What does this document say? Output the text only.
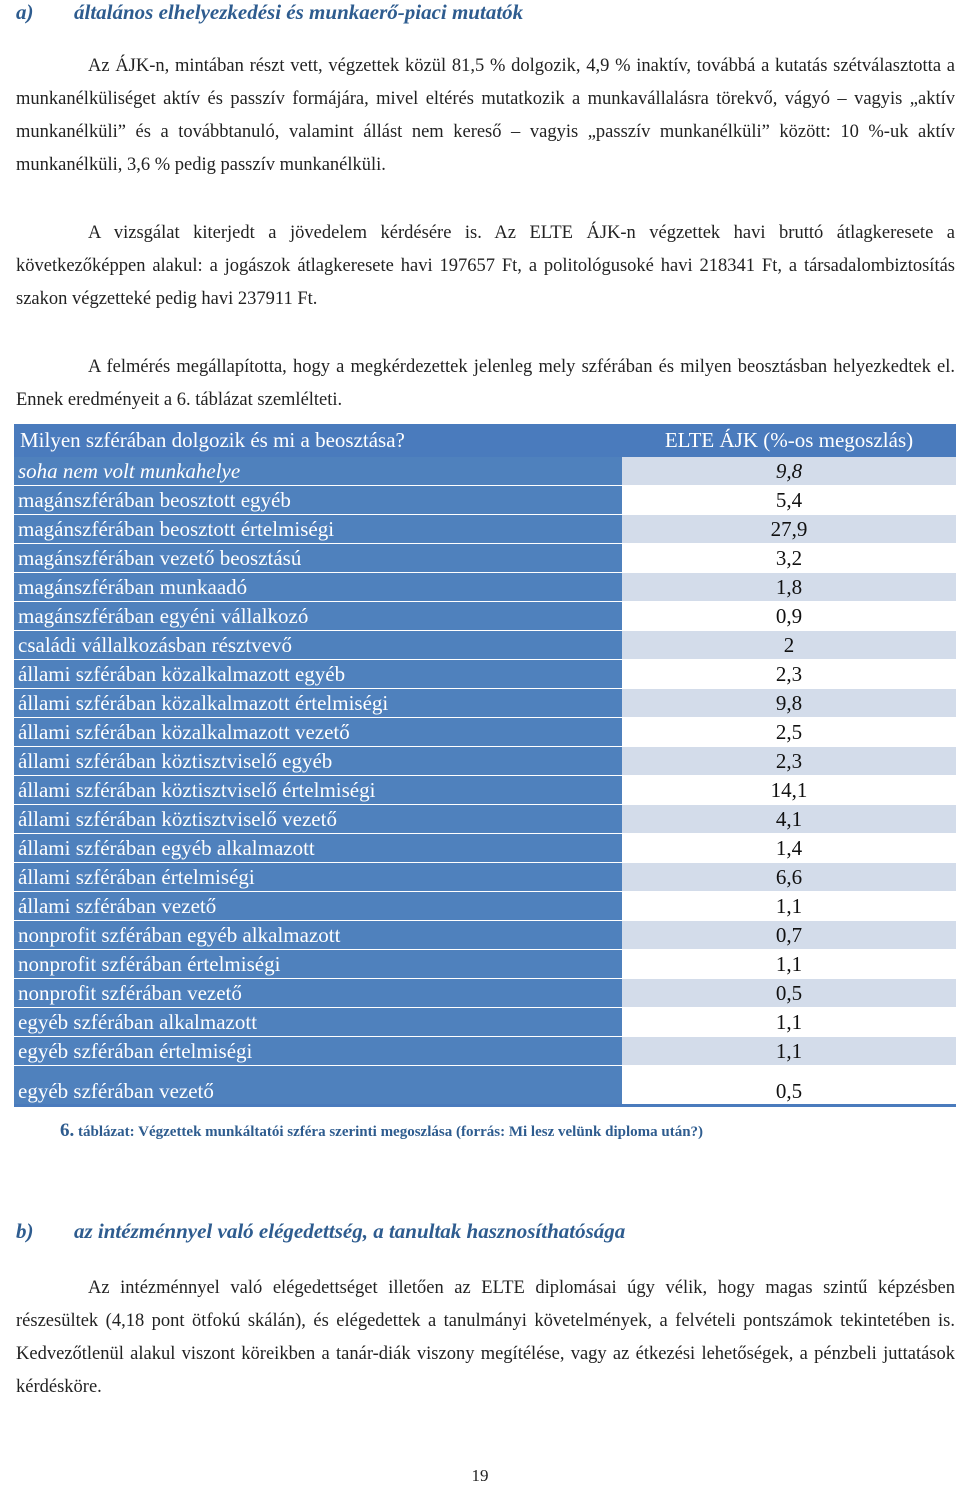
a) általános elhelyezkedési és munkaerő-piaci mutatók
Az ÁJK-n, mintában részt vett, végzettek közül 81,5 % dolgozik, 4,9 % inaktív, továbbá a kutatás szétválasztotta a munkanélküliséget aktív és passzív formájára, mivel eltérés mutatkozik a munkavállalásra törekvő, vágyó – vagyis „aktív munkanélküli” és a továbbtanuló, valamint állást nem kereső – vagyis „passzív munkanélküli” között: 10 %-uk aktív munkanélküli, 3,6 % pedig passzív munkanélküli.
A vizsgálat kiterjedt a jövedelem kérdésére is. Az ELTE ÁJK-n végzettek havi bruttó átlagkeresete a következőképpen alakul: a jogászok átlagkeresete havi 197657 Ft, a politológusoké havi 218341 Ft, a társadalombiztosítás szakon végzetteké pedig havi 237911 Ft.
A felmérés megállapította, hogy a megkérdezettek jelenleg mely szférában és milyen beosztásban helyezkedtek el. Ennek eredményeit a 6. táblázat szemlélteti.
Milyen szférában dolgozik és mi a beosztása?	ELTE ÁJK (%-os megoszlás)
soha nem volt munkahelye	9,8
magánszférában beosztott egyéb	5,4
magánszférában beosztott értelmiségi	27,9
magánszférában vezető beosztású	3,2
magánszférában munkaadó	1,8
magánszférában egyéni vállalkozó	0,9
családi vállalkozásban résztvevő	2
állami szférában közalkalmazott egyéb	2,3
állami szférában közalkalmazott értelmiségi	9,8
állami szférában közalkalmazott vezető	2,5
állami szférában köztisztviselő egyéb	2,3
állami szférában köztisztviselő értelmiségi	14,1
állami szférában köztisztviselő vezető	4,1
állami szférában egyéb alkalmazott	1,4
állami szférában értelmiségi	6,6
állami szférában vezető	1,1
nonprofit szférában egyéb alkalmazott	0,7
nonprofit szférában értelmiségi	1,1
nonprofit szférában vezető	0,5
egyéb szférában alkalmazott	1,1
egyéb szférában értelmiségi	1,1
egyéb szférában vezető	0,5
6. táblázat: Végzettek munkáltatói szféra szerinti megoszlása (forrás: Mi lesz velünk diploma után?)
b) az intézménnyel való elégedettség, a tanultak hasznosíthatósága
Az intézménnyel való elégedettséget illetően az ELTE diplomásai úgy vélik, hogy magas szintű képzésben részesültek (4,18 pont ötfokú skálán), és elégedettek a tanulmányi követelmények, a felvételi pontszámok tekintetében is. Kedvezőtlenül alakul viszont köreikben a tanár-diák viszony megítélése, vagy az étkezési lehetőségek, a pénzbeli juttatások kérdésköre.
19
